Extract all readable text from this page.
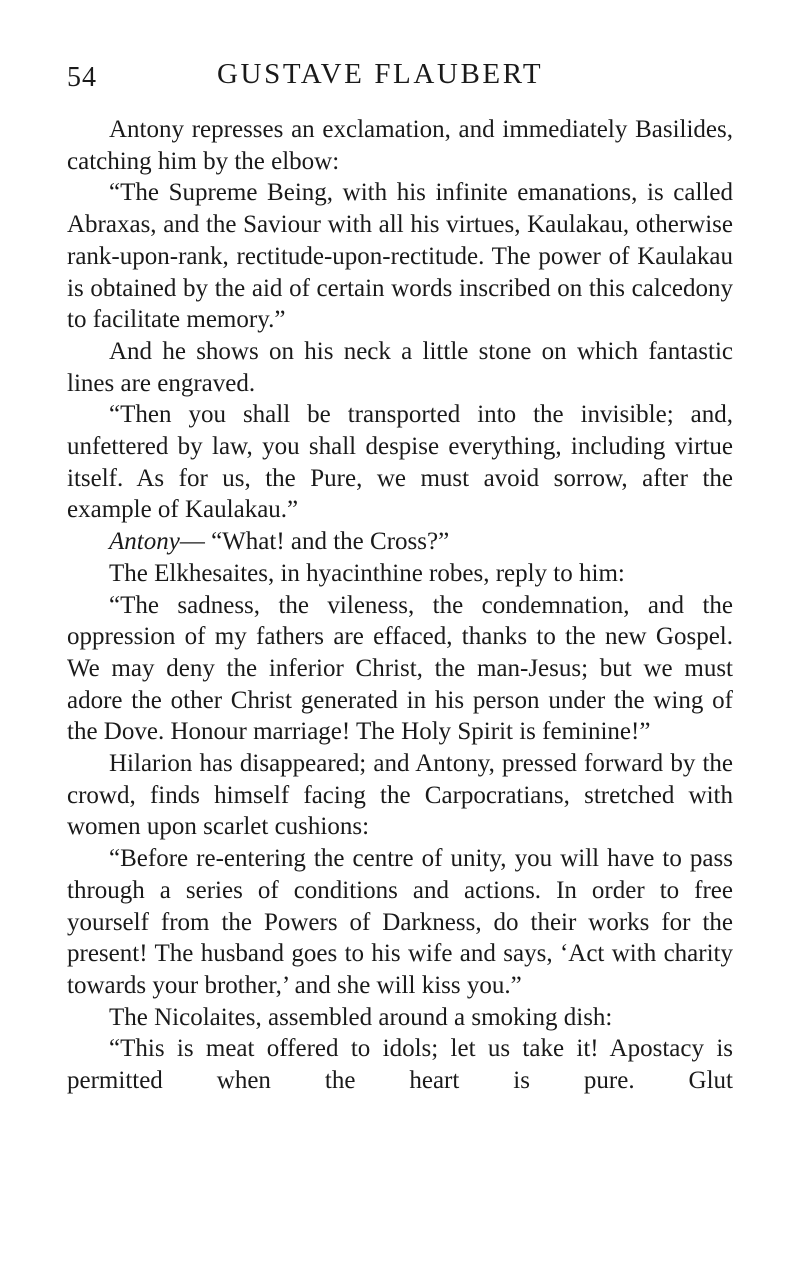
54	GUSTAVE FLAUBERT

Antony represses an exclamation, and immediately Basilides, catching him by the elbow:

“The Supreme Being, with his infinite emanations, is called Abraxas, and the Saviour with all his virtues, Kaulakau, otherwise rank-upon-rank, rectitude-upon-rectitude. The power of Kaulakau is obtained by the aid of certain words inscribed on this calcedony to facilitate memory.”

And he shows on his neck a little stone on which fantastic lines are engraved.

“Then you shall be transported into the invisible; and, unfettered by law, you shall despise everything, including virtue itself. As for us, the Pure, we must avoid sorrow, after the example of Kaulakau.”

Antony— “What! and the Cross?”

The Elkhesaites, in hyacinthine robes, reply to him:

“The sadness, the vileness, the condemnation, and the oppression of my fathers are effaced, thanks to the new Gospel. We may deny the inferior Christ, the man-Jesus; but we must adore the other Christ generated in his person under the wing of the Dove. Honour marriage! The Holy Spirit is feminine!”

Hilarion has disappeared; and Antony, pressed forward by the crowd, finds himself facing the Carpocratians, stretched with women upon scarlet cushions:

“Before re-entering the centre of unity, you will have to pass through a series of conditions and actions. In order to free yourself from the Powers of Darkness, do their works for the present! The husband goes to his wife and says, ‘Act with charity towards your brother,’ and she will kiss you.”

The Nicolaites, assembled around a smoking dish:

“This is meat offered to idols; let us take it! Apostacy is permitted when the heart is pure. Glut
